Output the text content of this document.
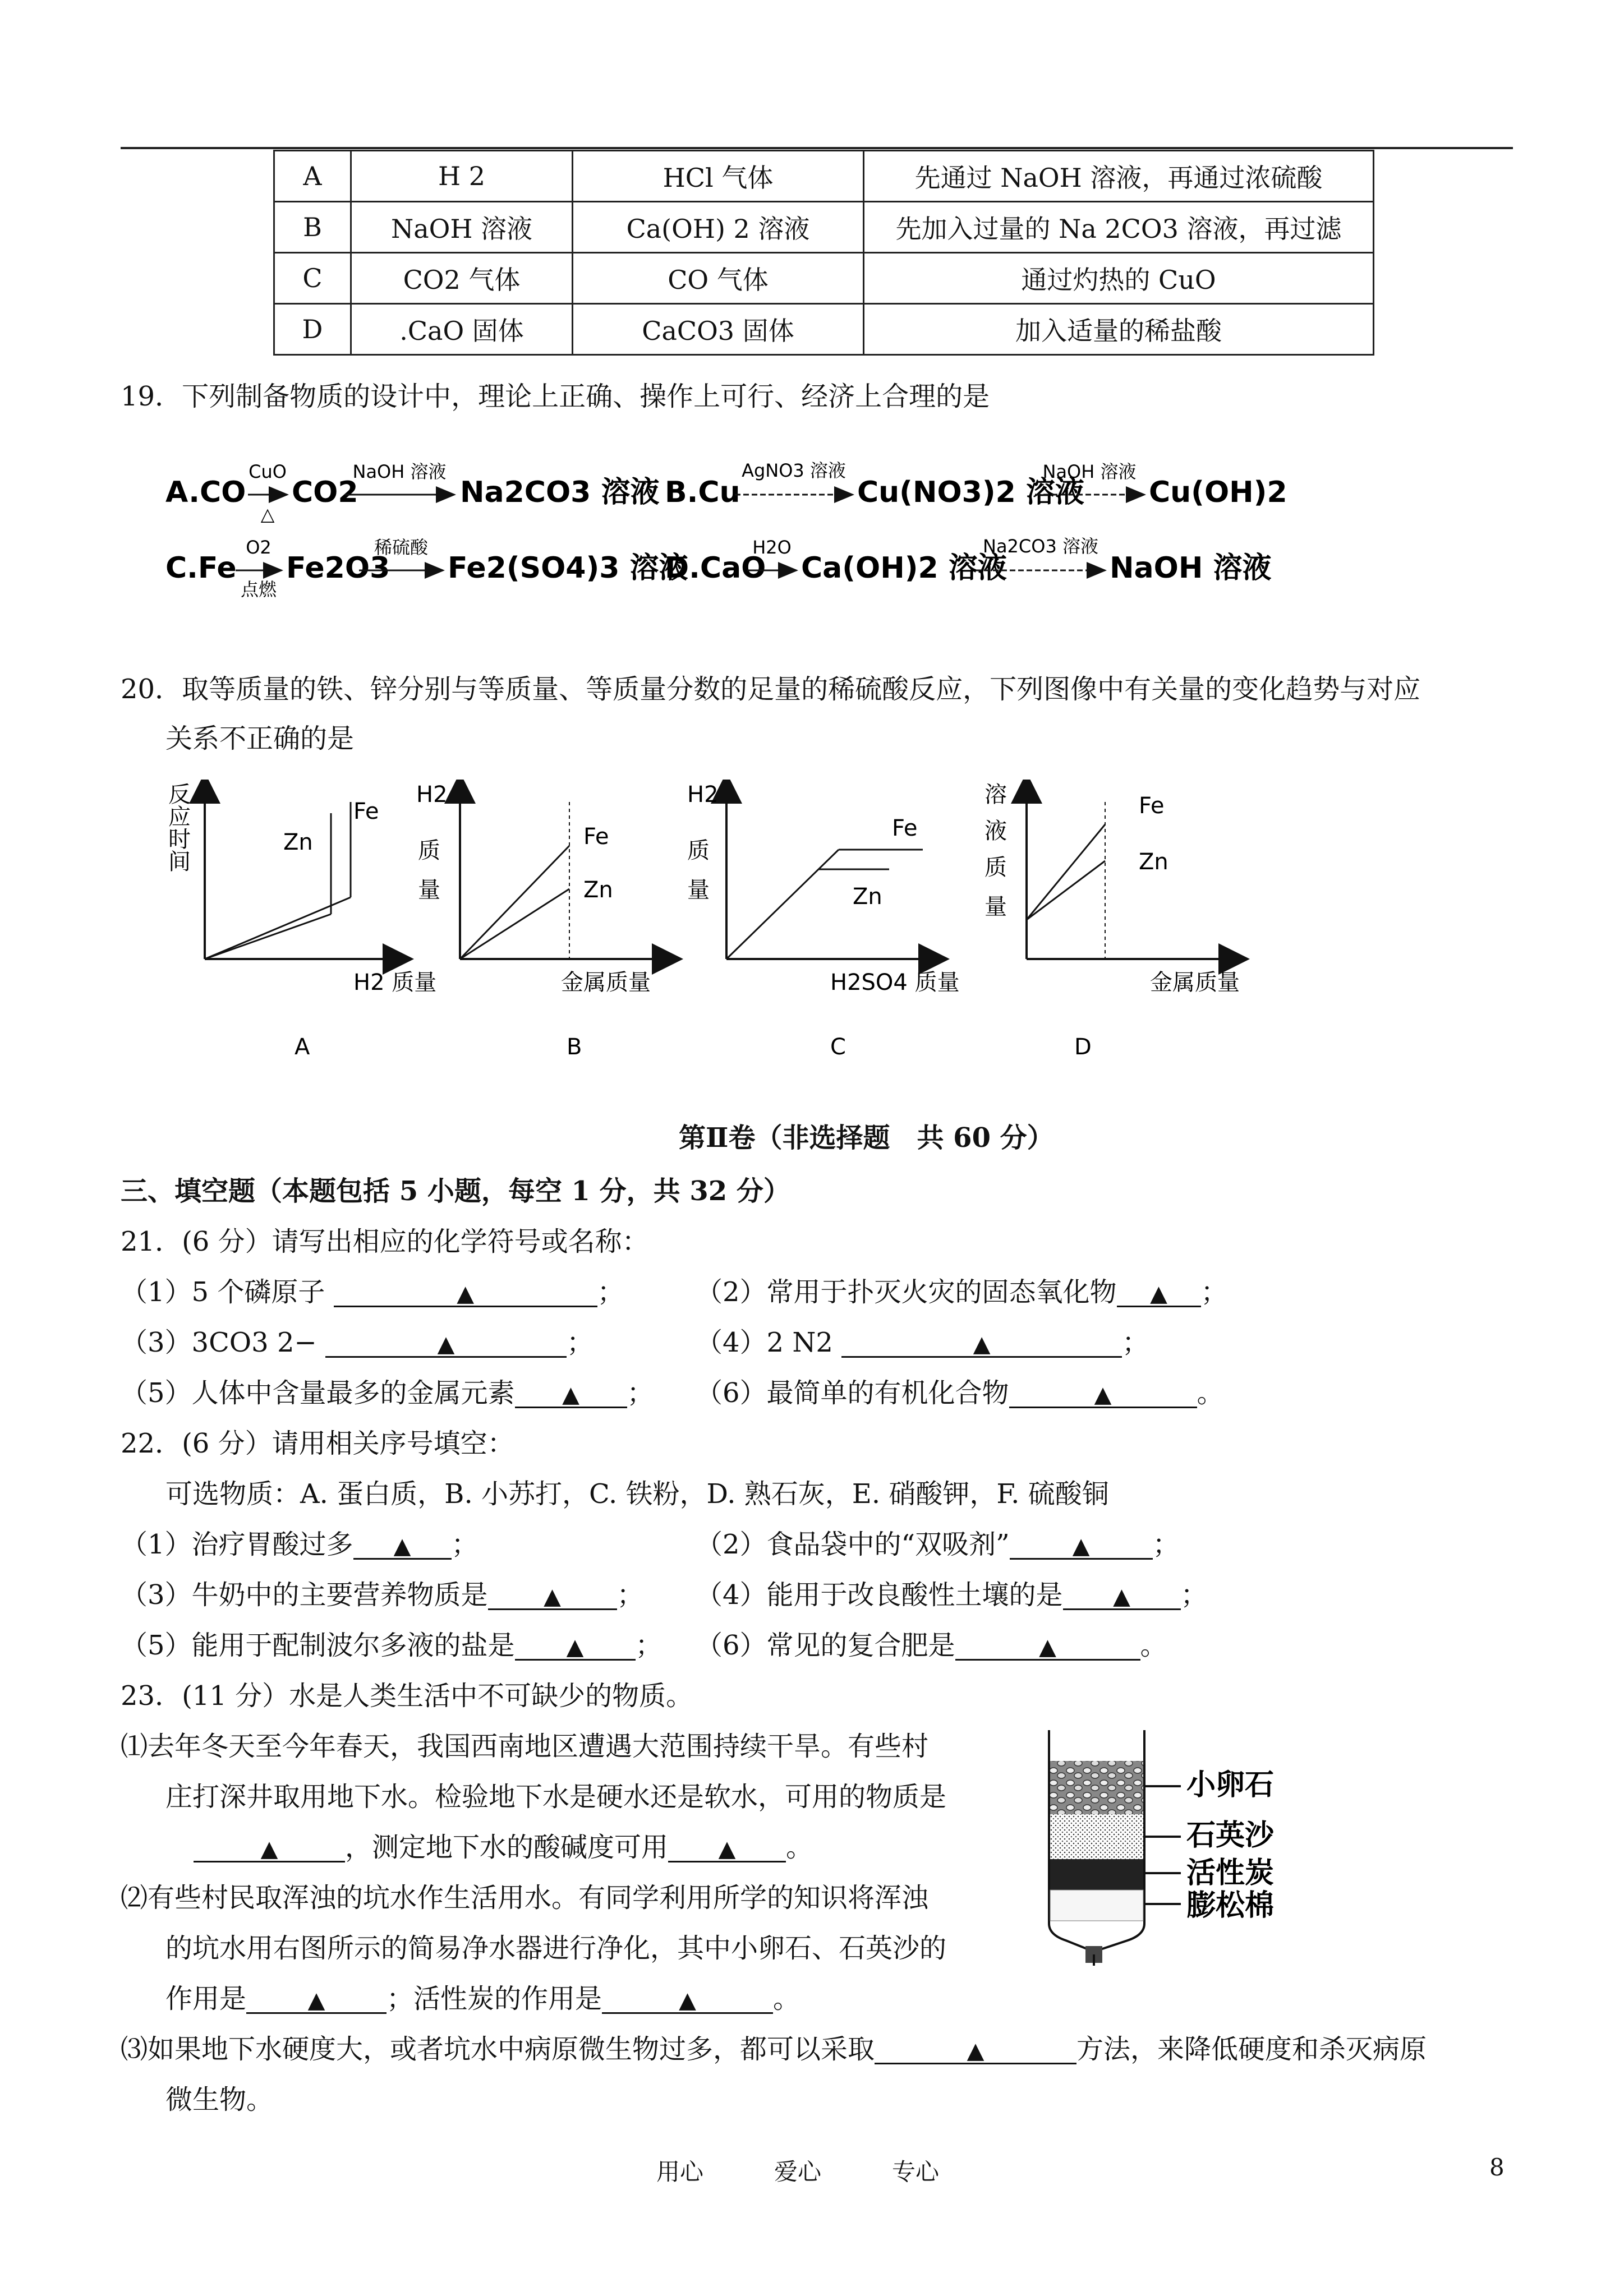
A	H 2	HCl 气体	先通过 NaOH 溶液，再通过浓硫酸
B	NaOH 溶液	Ca(OH) 2 溶液	先加入过量的 Na 2CO3 溶液，再过滤
C	CO2 气体	CO 气体	通过灼热的 CuO
D	.CaO 固体	CaCO3 固体	加入适量的稀盐酸
19．下列制备物质的设计中，理论上正确、操作上可行、经济上合理的是
A.CO
CuO
△
CO2
NaOH 溶液
Na2CO3 溶液 B.Cu
AgNO3 溶液
Cu(NO3)2 溶液
NaOH 溶液
Cu(OH)2
C.Fe
O2
点燃
Fe2O3
稀硫酸
Fe2(SO4)3 溶液
D.CaO
H2O
Ca(OH)2 溶液
Na2CO3 溶液
NaOH 溶液
20．取等质量的铁、锌分别与等质量、等质量分数的足量的稀硫酸反应，下列图像中有关量的变化趋势与对应
关系不正确的是
反
应
时
间
Fe
Zn
H2 质量
A
H2
质
量
Fe
Zn
金属质量
B
H2
质
量
Fe
Zn
H2SO4 质量
C
溶
液
质
量
Fe
Zn
金属质量
D
第Ⅱ卷（非选择题　共 60 分）
三、填空题（本题包括 5 小题，每空 1 分，共 32 分）
21．(6 分）请写出相应的化学符号或名称：
（1）5 个磷原子	▲	；	（2）常用于扑灭火灾的固态氧化物 ▲ ；
（3）3CO3 2−	▲	；	（4）2 N2	▲	；
（5）人体中含量最多的金属元素 ▲ ； （6）最简单的有机化合物	▲	。
22．(6 分）请用相关序号填空：
可选物质：A. 蛋白质，B. 小苏打，C. 铁粉，D. 熟石灰，E. 硝酸钾，F. 硫酸铜
（1）治疗胃酸过多 ▲ ；	（2）食品袋中的“双吸剂”	▲ ；
（3）牛奶中的主要营养物质是 ▲ ； （4）能用于改良酸性土壤的是 ▲ ；
（5）能用于配制波尔多液的盐是 ▲ ； （6）常见的复合肥是	▲	。
23．(11 分）水是人类生活中不可缺少的物质。
⑴去年冬天至今年春天，我国西南地区遭遇大范围持续干旱。有些村
庄打深井取用地下水。检验地下水是硬水还是软水，可用的物质是
▲ ，测定地下水的酸碱度可用 ▲ 。
⑵有些村民取浑浊的坑水作生活用水。有同学利用所学的知识将浑浊
的坑水用右图所示的简易净水器进行净化，其中小卵石、石英沙的
作用是	▲ ；活性炭的作用是	▲	。
⑶如果地下水硬度大，或者坑水中病原微生物过多，都可以采取	▲	方法，来降低硬度和杀灭病原
微生物。
小卵石
石英沙
活性炭
膨松棉
用心　　　爱心　　　专心	8
